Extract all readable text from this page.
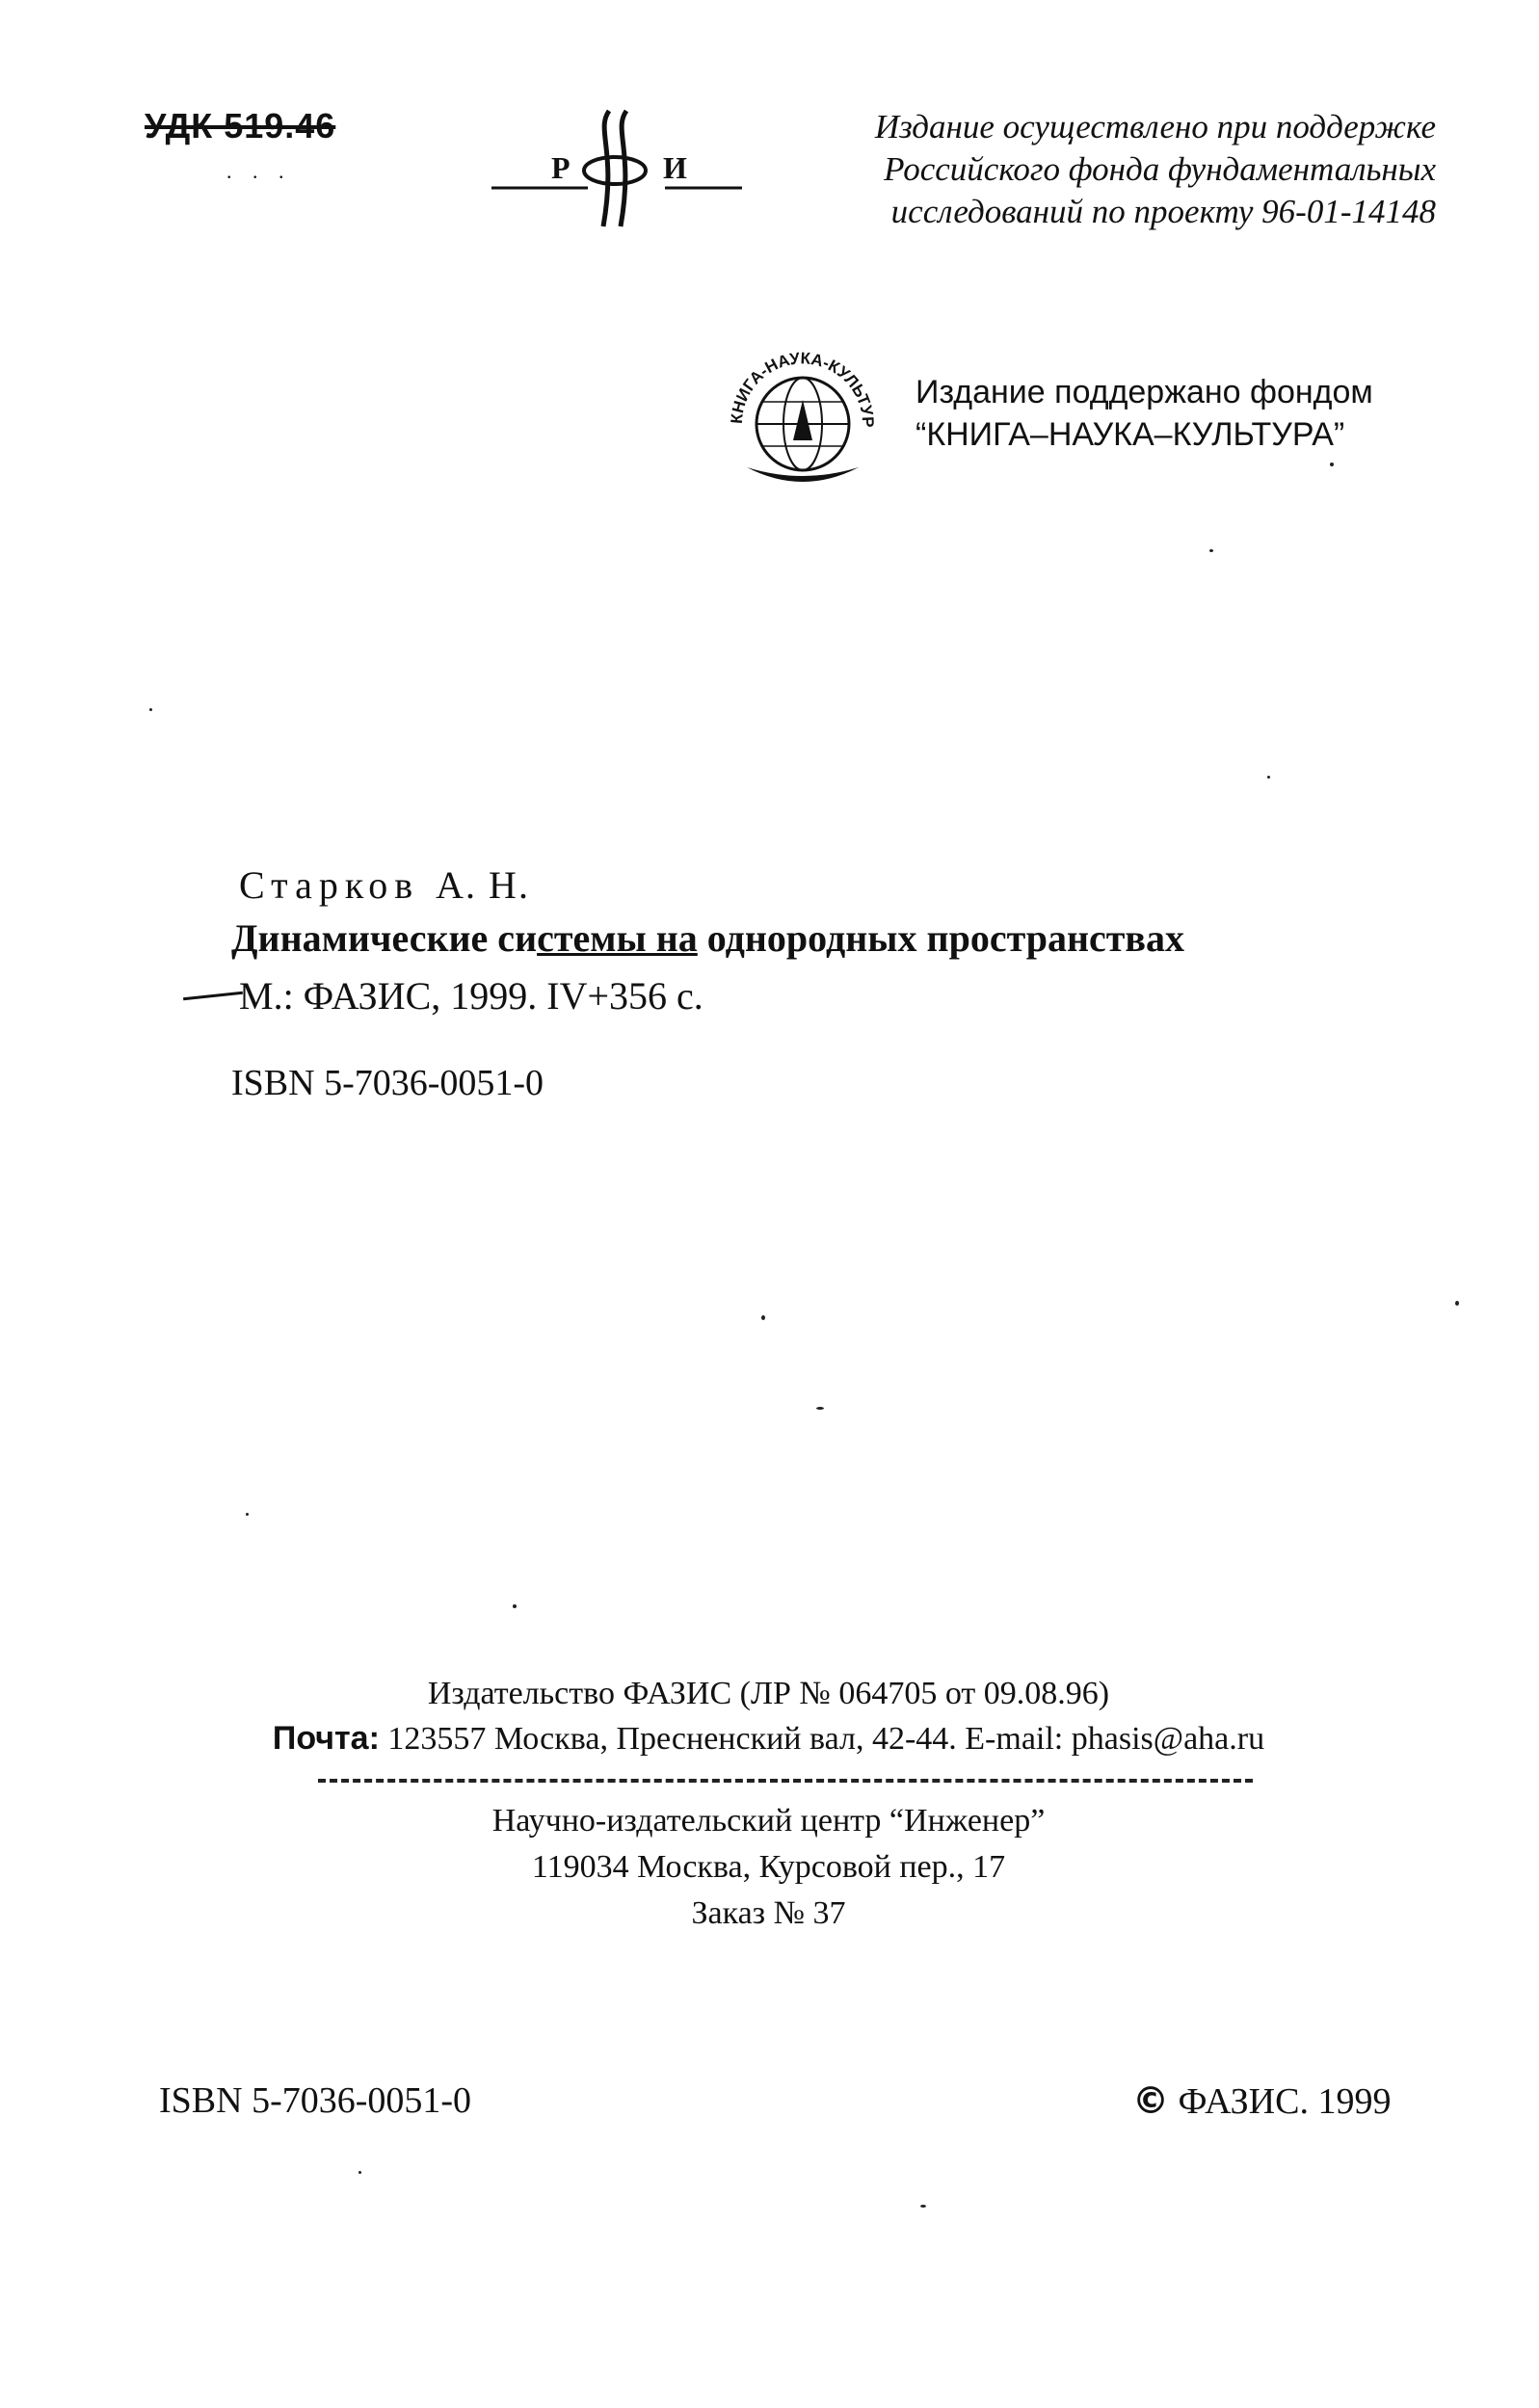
УДК 519.46
. . .	Р	И
Издание осуществлено при поддержке
Российского фонда фундаментальных
исследований по проекту 96-01-14148
КНИГА-НАУКА-КУЛЬТУР
Издание поддержано фондом
“КНИГА–НАУКА–КУЛЬТУРА”
Старков А. Н.
Динамические системы на однородных пространствах
М.: ФАЗИС, 1999. IV+356 с.
ISBN 5-7036-0051-0
Издательство ФАЗИС (ЛР № 064705 от 09.08.96)
Почта: 123557 Москва, Пресненский вал, 42-44. E-mail: phasis@aha.ru
Научно-издательский центр “Инженер”
119034 Москва, Курсовой пер., 17
Заказ № 37
ISBN 5-7036-0051-0	© ФАЗИС. 1999
